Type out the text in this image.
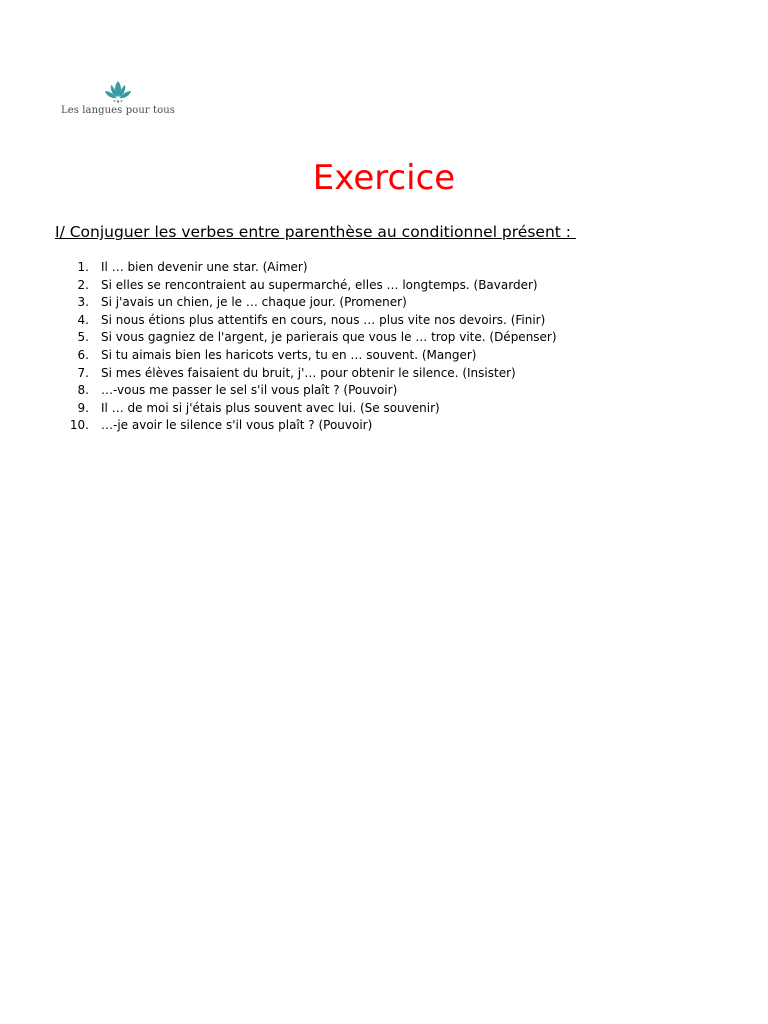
Les langues pour tous
Exercice

I/ Conjuguer les verbes entre parenthèse au conditionnel présent :

1. Il … bien devenir une star. (Aimer)
2. Si elles se rencontraient au supermarché, elles … longtemps. (Bavarder)
3. Si j'avais un chien, je le … chaque jour. (Promener)
4. Si nous étions plus attentifs en cours, nous … plus vite nos devoirs. (Finir)
5. Si vous gagniez de l'argent, je parierais que vous le … trop vite. (Dépenser)
6. Si tu aimais bien les haricots verts, tu en … souvent. (Manger)
7. Si mes élèves faisaient du bruit, j'… pour obtenir le silence. (Insister)
8. …-vous me passer le sel s'il vous plaît ? (Pouvoir)
9. Il … de moi si j'étais plus souvent avec lui. (Se souvenir)
10. …-je avoir le silence s'il vous plaît ? (Pouvoir)
